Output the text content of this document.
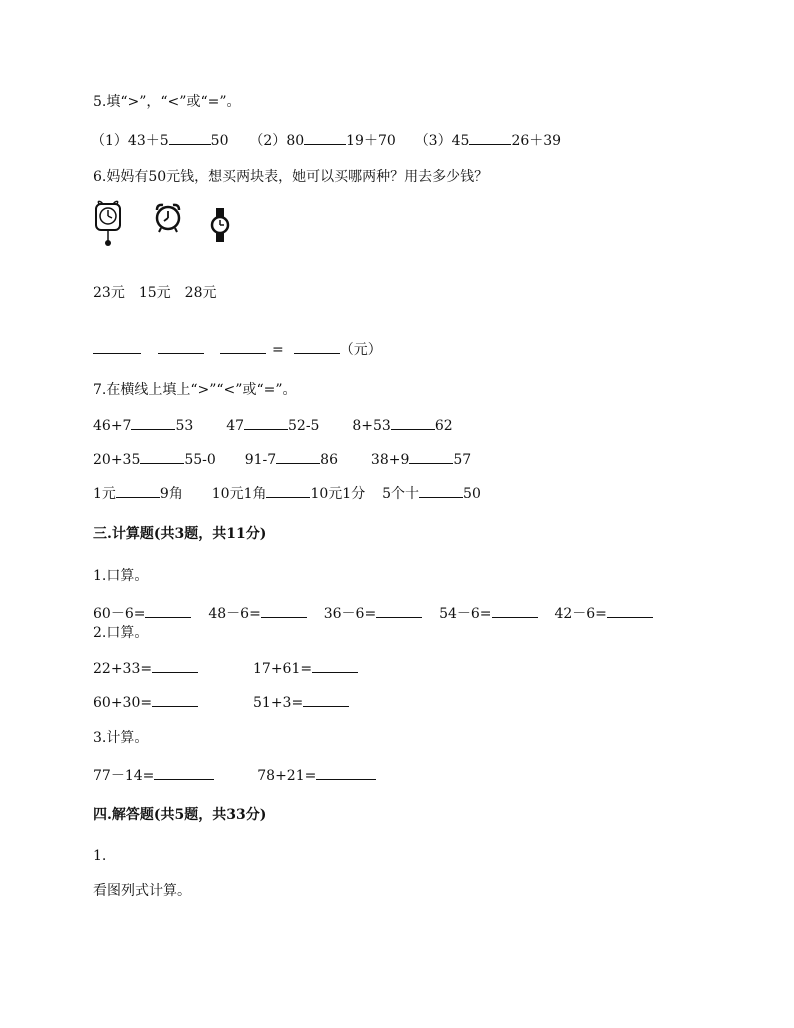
5.填“>”，“<”或“=”。
（1）43＋5	50 （2）80	19＋70 （3）45	26＋39
6.妈妈有50元钱，想买两块表，她可以买哪两种？用去多少钱？
23元 15元 28元
=	（元）
7.在横线上填上“>”“<”或“=”。
46+7	53 47	52-5 8+53	62
20+35	55-0 91-7	86 38+9	57
1元	9角 10元1角	10元1分 5个十	50
三.计算题(共3题，共11分)
1.口算。
60－6=	48－6=	36－6=	54－6=	42－6=
2.口算。
22+33=	17+61=
60+30=	51+3=
3.计算。
77－14=	78+21=
四.解答题(共5题，共33分)
1.
看图列式计算。
